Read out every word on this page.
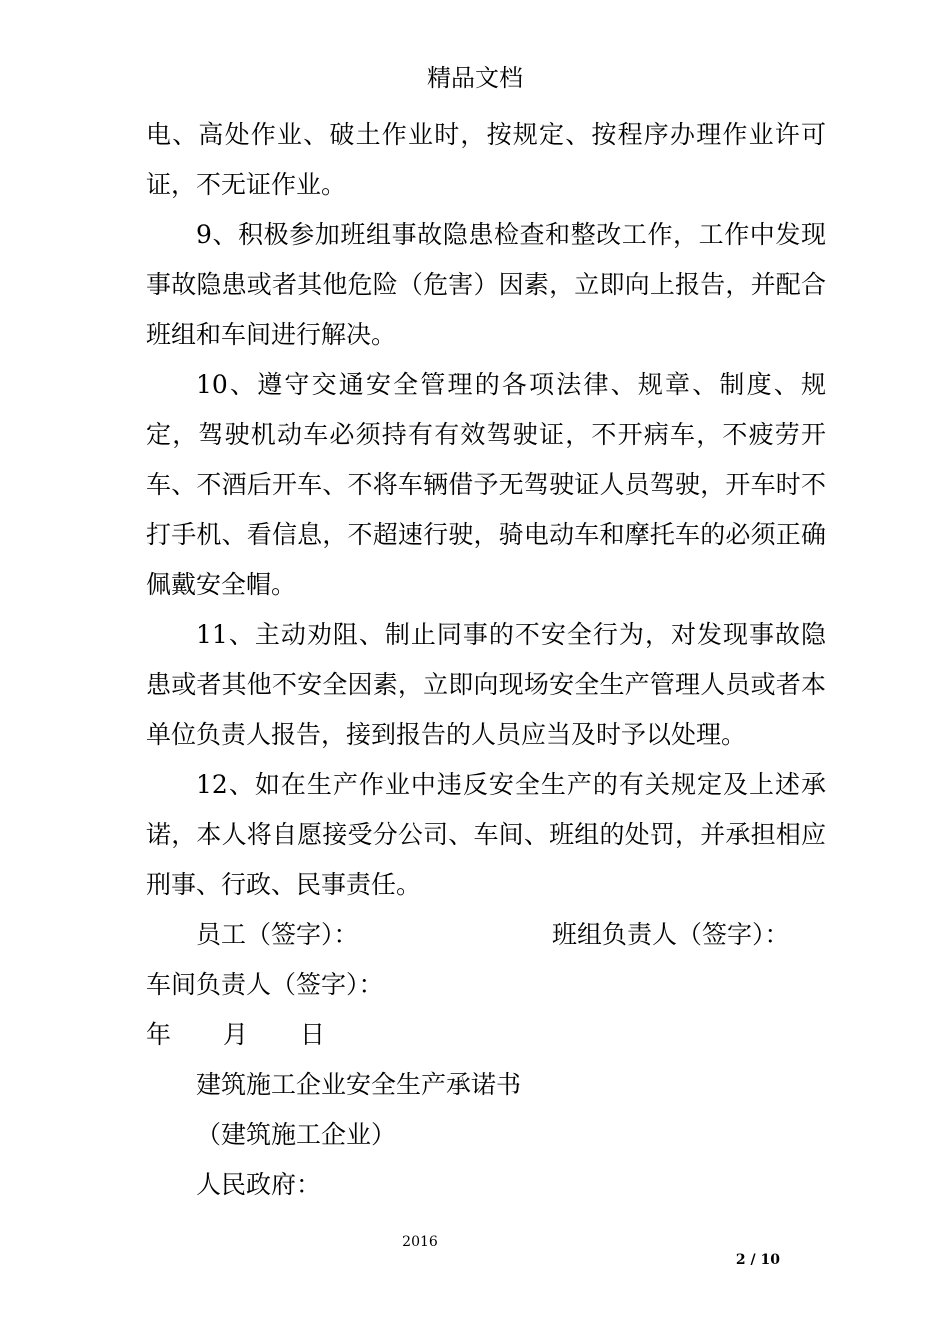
精品文档

电、高处作业、破土作业时，按规定、按程序办理作业许可证，不无证作业。

9、积极参加班组事故隐患检查和整改工作，工作中发现事故隐患或者其他危险（危害）因素，立即向上报告，并配合班组和车间进行解决。

10、遵守交通安全管理的各项法律、规章、制度、规定，驾驶机动车必须持有有效驾驶证，不开病车，不疲劳开车、不酒后开车、不将车辆借予无驾驶证人员驾驶，开车时不打手机、看信息，不超速行驶，骑电动车和摩托车的必须正确佩戴安全帽。

11、主动劝阻、制止同事的不安全行为，对发现事故隐患或者其他不安全因素，立即向现场安全生产管理人员或者本单位负责人报告，接到报告的人员应当及时予以处理。

12、如在生产作业中违反安全生产的有关规定及上述承诺，本人将自愿接受分公司、车间、班组的处罚，并承担相应刑事、行政、民事责任。

员工（签字）：	班组负责人（签字）：

车间负责人（签字）：

年 月 日

建筑施工企业安全生产承诺书

（建筑施工企业）

人民政府：

2016
2 / 10
